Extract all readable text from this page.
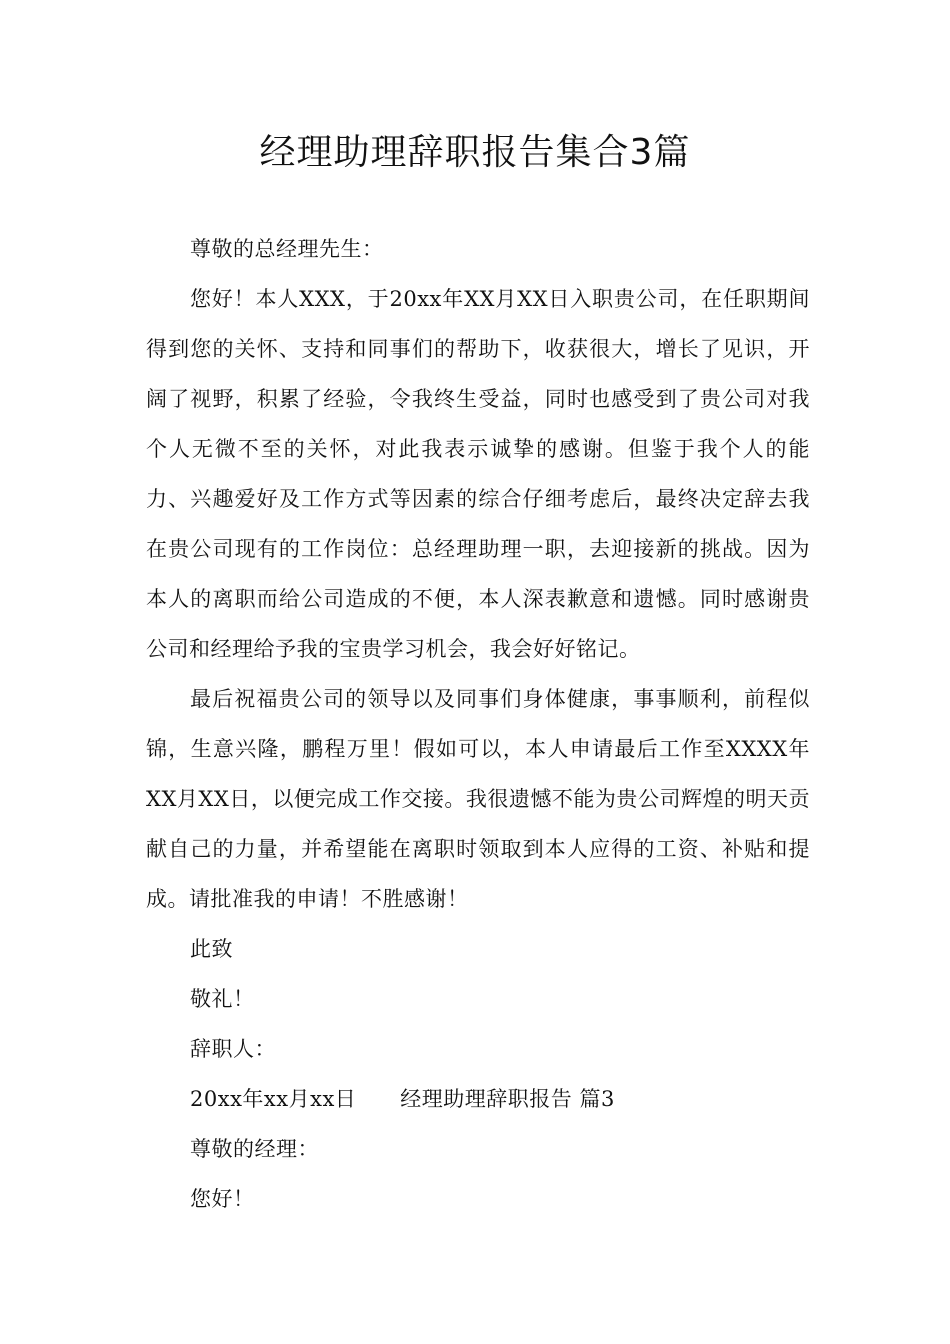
经理助理辞职报告集合3篇

尊敬的总经理先生：

您好！本人XXX，于20xx年XX月XX日入职贵公司，在任职期间得到您的关怀、支持和同事们的帮助下，收获很大，增长了见识，开阔了视野，积累了经验，令我终生受益，同时也感受到了贵公司对我个人无微不至的关怀，对此我表示诚挚的感谢。但鉴于我个人的能力、兴趣爱好及工作方式等因素的综合仔细考虑后，最终决定辞去我在贵公司现有的工作岗位：总经理助理一职，去迎接新的挑战。因为本人的离职而给公司造成的不便，本人深表歉意和遗憾。同时感谢贵公司和经理给予我的宝贵学习机会，我会好好铭记。

最后祝福贵公司的领导以及同事们身体健康，事事顺利，前程似锦，生意兴隆，鹏程万里！假如可以，本人申请最后工作至XXXX年XX月XX日，以便完成工作交接。我很遗憾不能为贵公司辉煌的明天贡献自己的力量，并希望能在离职时领取到本人应得的工资、补贴和提成。请批准我的申请！不胜感谢！

此致

敬礼！

辞职人：

20xx年xx月xx日 经理助理辞职报告 篇3

尊敬的经理：

您好！
